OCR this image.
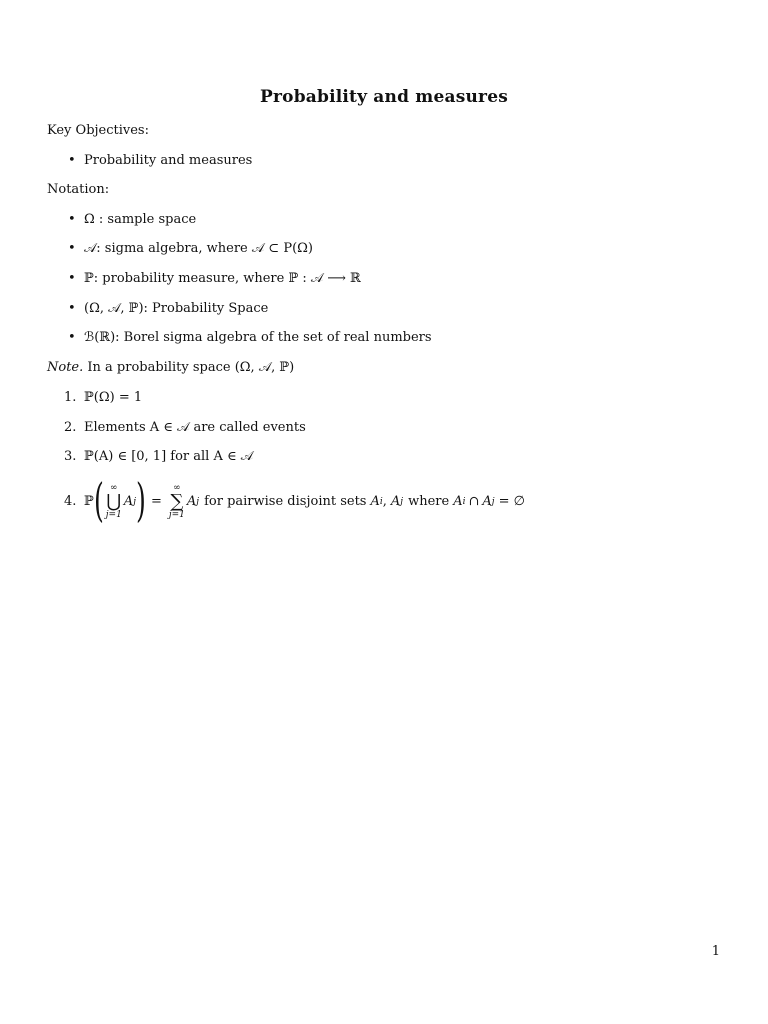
Probability and measures
Key Objectives:
• Probability and measures
Notation:
• Ω : sample space
• 𝒜: sigma algebra, where 𝒜 ⊂ P(Ω)
• ℙ: probability measure, where ℙ : 𝒜 ⟶ ℝ
• (Ω, 𝒜, ℙ): Probability Space
• ℬ(ℝ): Borel sigma algebra of the set of real numbers
Note. In a probability space (Ω, 𝒜, ℙ)
1. ℙ(Ω) = 1
2. Elements A ∈ 𝒜 are called events
3. ℙ(A) ∈ [0, 1] for all A ∈ 𝒜
4. ℙ ( ∞
⋃
j=1
A j ) =
∞
∑
j=1
A j for pairwise disjoint sets A i , A j where A i ∩ A j = ∅
1
